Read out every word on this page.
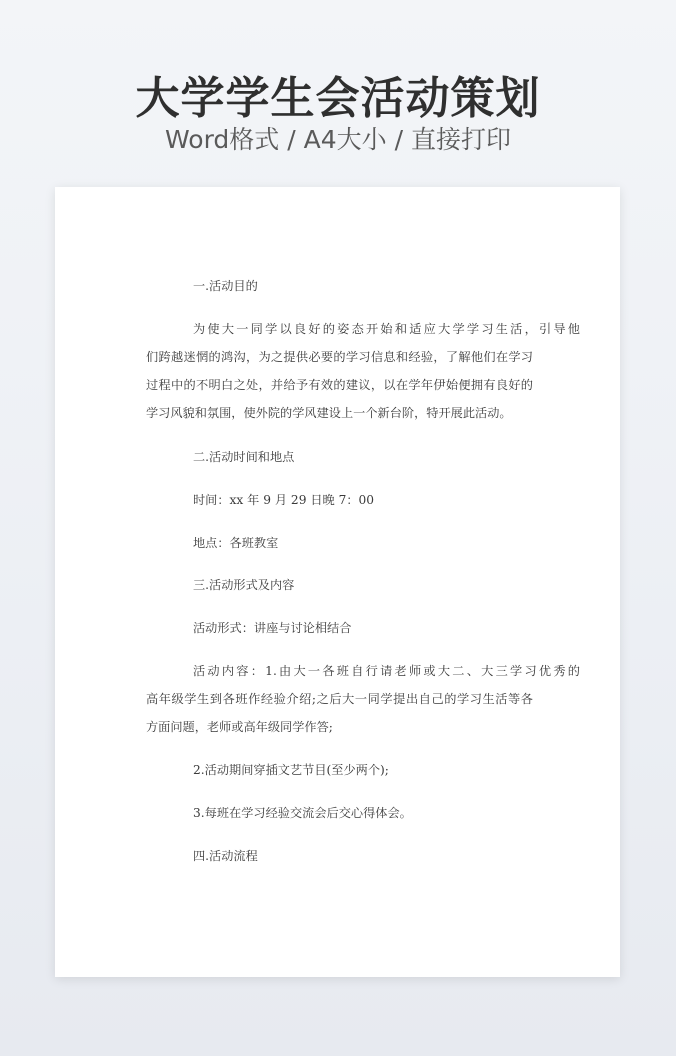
大学学生会活动策划
Word格式 / A4大小 / 直接打印
一.活动目的
为使大一同学以良好的姿态开始和适应大学学习生活，引导他
们跨越迷惘的鸿沟，为之提供必要的学习信息和经验，了解他们在学习
过程中的不明白之处，并给予有效的建议，以在学年伊始便拥有良好的
学习风貌和氛围，使外院的学风建设上一个新台阶，特开展此活动。
二.活动时间和地点
时间：xx 年 9 月 29 日晚 7：00
地点：各班教室
三.活动形式及内容
活动形式：讲座与讨论相结合
活动内容：1.由大一各班自行请老师或大二、大三学习优秀的
高年级学生到各班作经验介绍;之后大一同学提出自己的学习生活等各
方面问题，老师或高年级同学作答;
2.活动期间穿插文艺节目(至少两个);
3.每班在学习经验交流会后交心得体会。
四.活动流程
